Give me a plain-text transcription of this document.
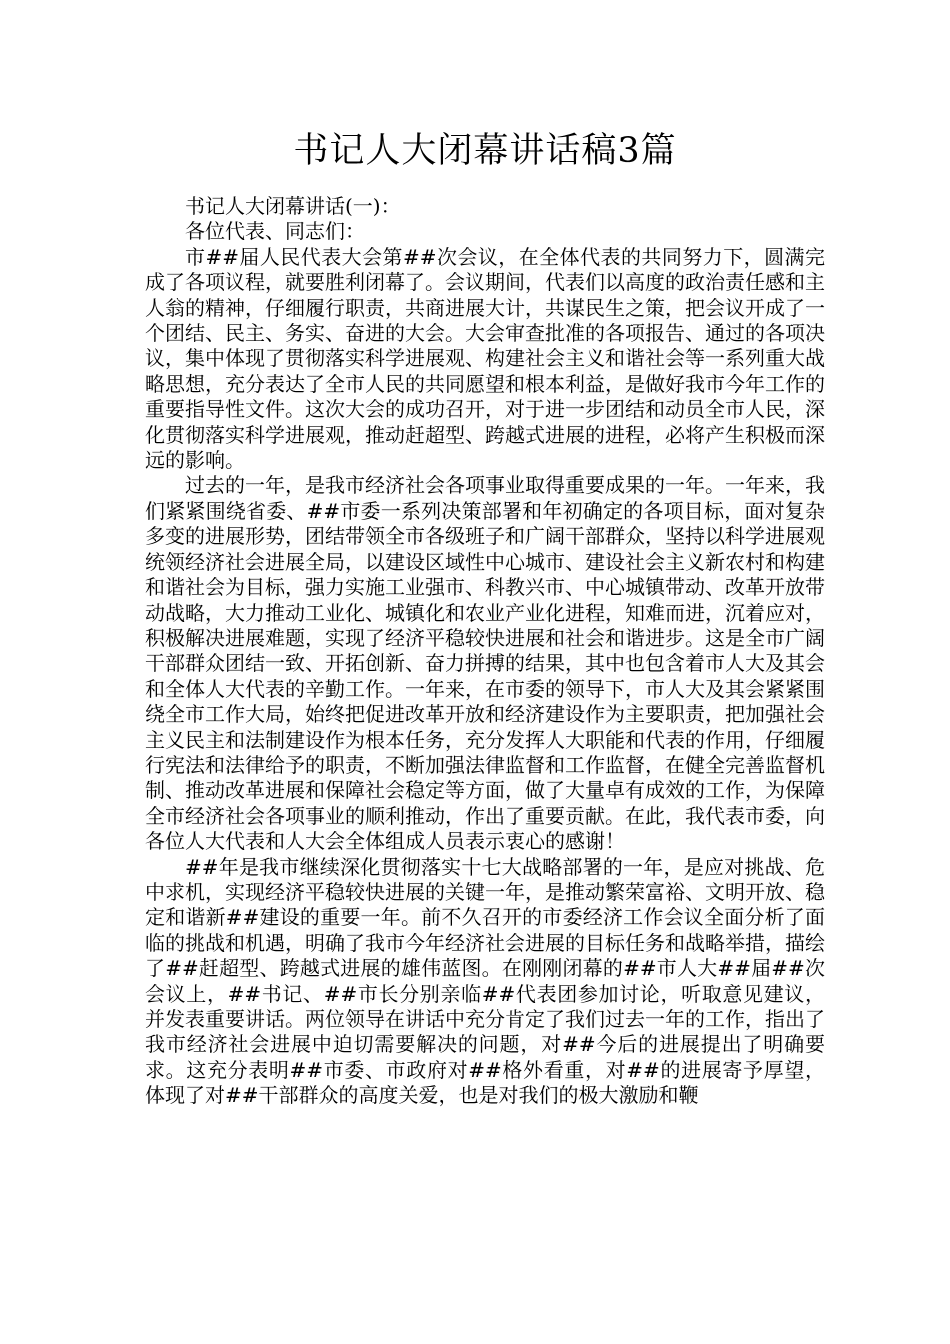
书记人大闭幕讲话稿3篇

书记人大闭幕讲话(一)：

各位代表、同志们：

市##届人民代表大会第##次会议，在全体代表的共同努力下，圆满完成了各项议程，就要胜利闭幕了。会议期间，代表们以高度的政治责任感和主人翁的精神，仔细履行职责，共商进展大计，共谋民生之策，把会议开成了一个团结、民主、务实、奋进的大会。大会审查批准的各项报告、通过的各项决议，集中体现了贯彻落实科学进展观、构建社会主义和谐社会等一系列重大战略思想，充分表达了全市人民的共同愿望和根本利益，是做好我市今年工作的重要指导性文件。这次大会的成功召开，对于进一步团结和动员全市人民，深化贯彻落实科学进展观，推动赶超型、跨越式进展的进程，必将产生积极而深远的影响。

过去的一年，是我市经济社会各项事业取得重要成果的一年。一年来，我们紧紧围绕省委、##市委一系列决策部署和年初确定的各项目标，面对复杂多变的进展形势，团结带领全市各级班子和广阔干部群众，坚持以科学进展观统领经济社会进展全局，以建设区域性中心城市、建设社会主义新农村和构建和谐社会为目标，强力实施工业强市、科教兴市、中心城镇带动、改革开放带动战略，大力推动工业化、城镇化和农业产业化进程，知难而进，沉着应对，积极解决进展难题，实现了经济平稳较快进展和社会和谐进步。这是全市广阔干部群众团结一致、开拓创新、奋力拼搏的结果，其中也包含着市人大及其会和全体人大代表的辛勤工作。一年来，在市委的领导下，市人大及其会紧紧围绕全市工作大局，始终把促进改革开放和经济建设作为主要职责，把加强社会主义民主和法制建设作为根本任务，充分发挥人大职能和代表的作用，仔细履行宪法和法律给予的职责，不断加强法律监督和工作监督，在健全完善监督机制、推动改革进展和保障社会稳定等方面，做了大量卓有成效的工作，为保障全市经济社会各项事业的顺利推动，作出了重要贡献。在此，我代表市委，向各位人大代表和人大会全体组成人员表示衷心的感谢！

##年是我市继续深化贯彻落实十七大战略部署的一年，是应对挑战、危中求机，实现经济平稳较快进展的关键一年，是推动繁荣富裕、文明开放、稳定和谐新##建设的重要一年。前不久召开的市委经济工作会议全面分析了面临的挑战和机遇，明确了我市今年经济社会进展的目标任务和战略举措，描绘了##赶超型、跨越式进展的雄伟蓝图。在刚刚闭幕的##市人大##届##次会议上，##书记、##市长分别亲临##代表团参加讨论，听取意见建议，并发表重要讲话。两位领导在讲话中充分肯定了我们过去一年的工作，指出了我市经济社会进展中迫切需要解决的问题，对##今后的进展提出了明确要求。这充分表明##市委、市政府对##格外看重，对##的进展寄予厚望，体现了对##干部群众的高度关爱，也是对我们的极大激励和鞭
